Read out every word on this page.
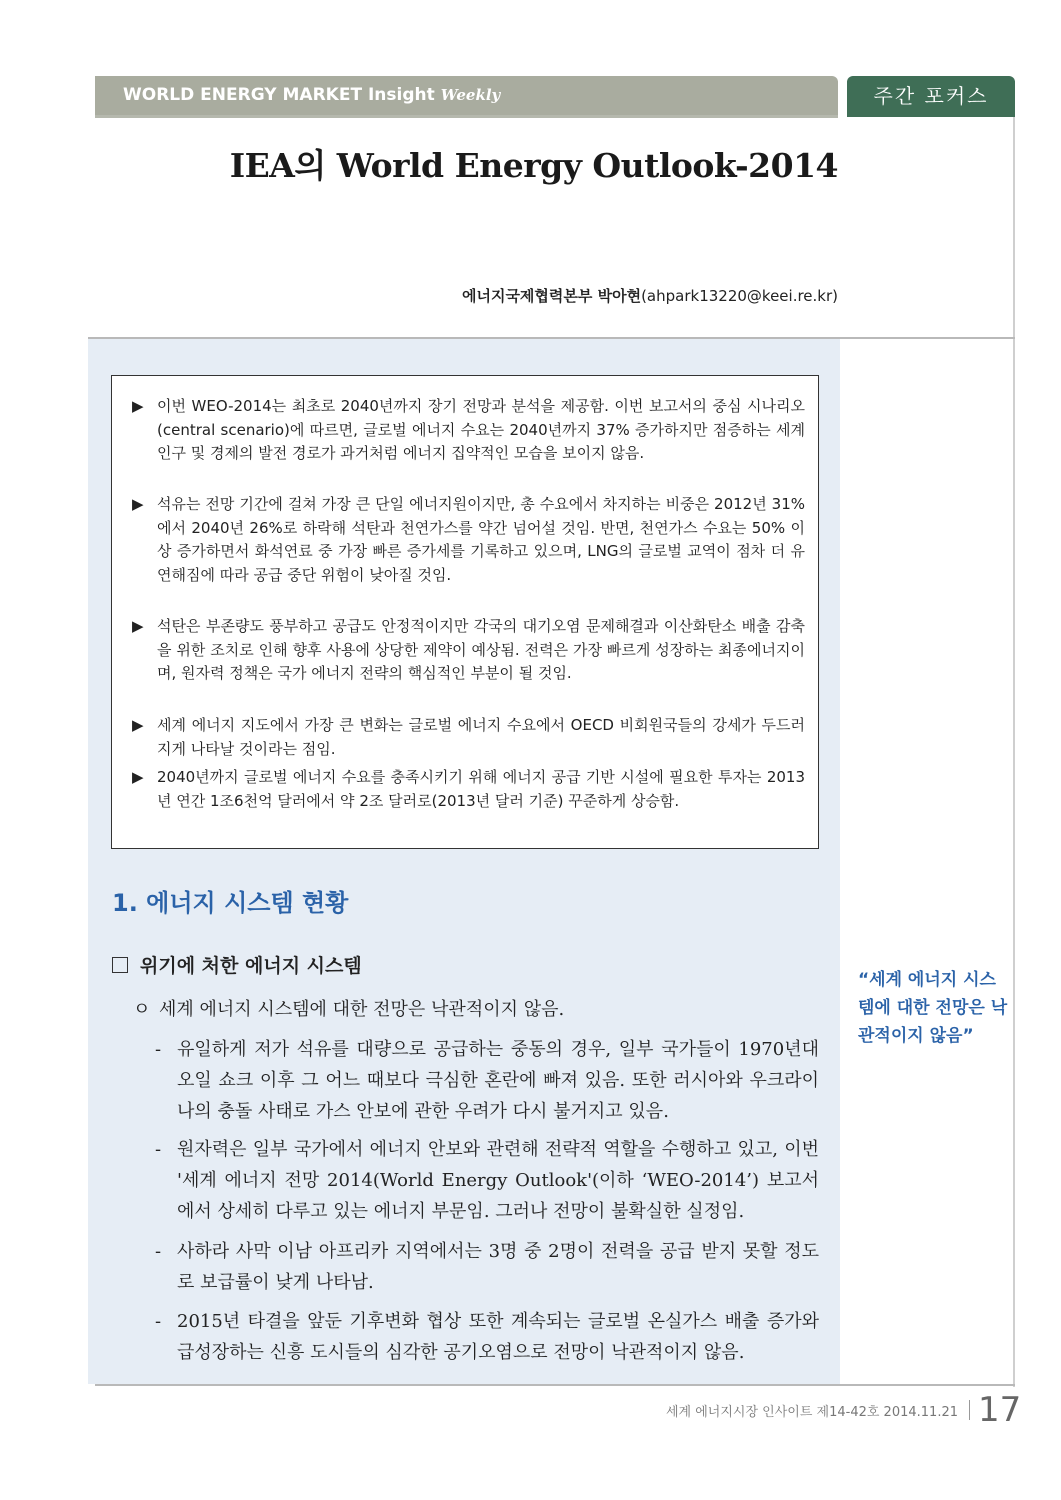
WORLD ENERGY MARKET Insight Weekly	주간 포커스
IEA의 World Energy Outlook-2014
에너지국제협력본부 박아현(ahpark13220@keei.re.kr)
▶ 이번 WEO-2014는 최초로 2040년까지 장기 전망과 분석을 제공함. 이번 보고서의 중심 시나리오(central scenario)에 따르면, 글로벌 에너지 수요는 2040년까지 37% 증가하지만 점증하는 세계 인구 및 경제의 발전 경로가 과거처럼 에너지 집약적인 모습을 보이지 않음.
▶ 석유는 전망 기간에 걸쳐 가장 큰 단일 에너지원이지만, 총 수요에서 차지하는 비중은 2012년 31%에서 2040년 26%로 하락해 석탄과 천연가스를 약간 넘어설 것임. 반면, 천연가스 수요는 50% 이상 증가하면서 화석연료 중 가장 빠른 증가세를 기록하고 있으며, LNG의 글로벌 교역이 점차 더 유연해짐에 따라 공급 중단 위험이 낮아질 것임.
▶ 석탄은 부존량도 풍부하고 공급도 안정적이지만 각국의 대기오염 문제해결과 이산화탄소 배출 감축을 위한 조치로 인해 향후 사용에 상당한 제약이 예상됨. 전력은 가장 빠르게 성장하는 최종에너지이며, 원자력 정책은 국가 에너지 전략의 핵심적인 부분이 될 것임.
▶ 세계 에너지 지도에서 가장 큰 변화는 글로벌 에너지 수요에서 OECD 비회원국들의 강세가 두드러지게 나타날 것이라는 점임.
▶ 2040년까지 글로벌 에너지 수요를 충족시키기 위해 에너지 공급 기반 시설에 필요한 투자는 2013년 연간 1조6천억 달러에서 약 2조 달러로(2013년 달러 기준) 꾸준하게 상승함.
1. 에너지 시스템 현황
위기에 처한 에너지 시스템
ㅇ 세계 에너지 시스템에 대한 전망은 낙관적이지 않음.
- 유일하게 저가 석유를 대량으로 공급하는 중동의 경우, 일부 국가들이 1970년대 오일 쇼크 이후 그 어느 때보다 극심한 혼란에 빠져 있음. 또한 러시아와 우크라이나의 충돌 사태로 가스 안보에 관한 우려가 다시 불거지고 있음.
- 원자력은 일부 국가에서 에너지 안보와 관련해 전략적 역할을 수행하고 있고, 이번 '세계 에너지 전망 2014(World Energy Outlook'(이하 ‘WEO-2014’) 보고서에서 상세히 다루고 있는 에너지 부문임. 그러나 전망이 불확실한 실정임.
- 사하라 사막 이남 아프리카 지역에서는 3명 중 2명이 전력을 공급 받지 못할 정도로 보급률이 낮게 나타남.
- 2015년 타결을 앞둔 기후변화 협상 또한 계속되는 글로벌 온실가스 배출 증가와 급성장하는 신흥 도시들의 심각한 공기오염으로 전망이 낙관적이지 않음.
“세계 에너지 시스템에 대한 전망은 낙관적이지 않음”
세계 에너지시장 인사이트 제14-42호 2014.11.21 17
